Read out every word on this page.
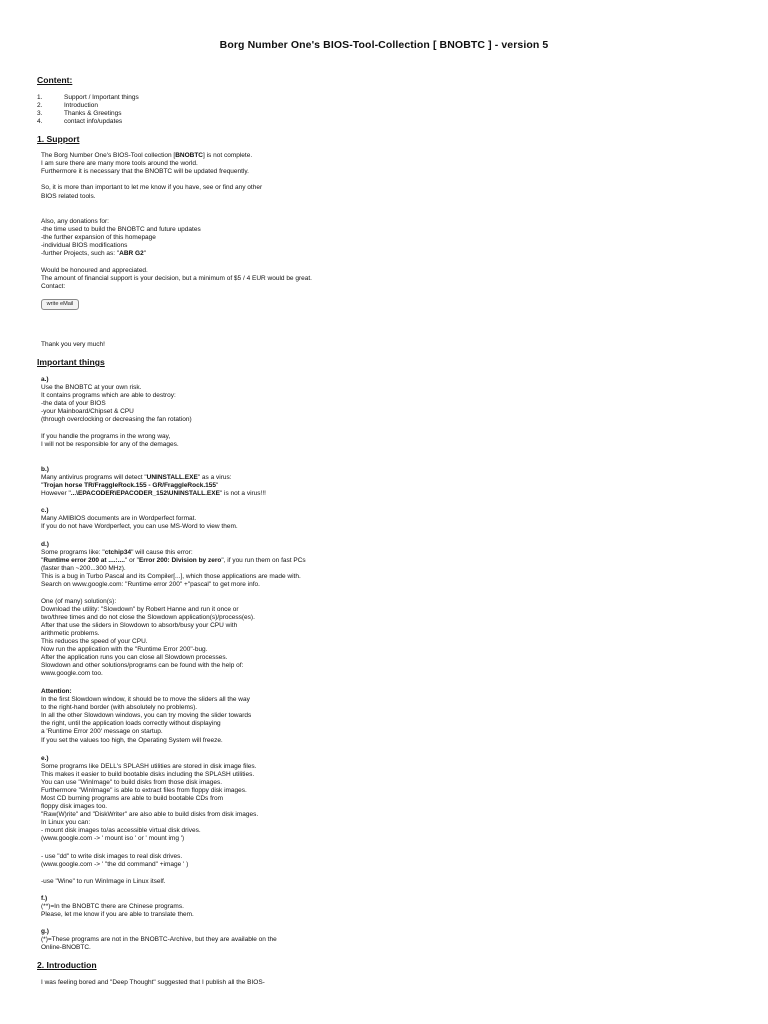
Borg Number One's BIOS-Tool-Collection [ BNOBTC ] - version 5
Content:
1.	Support / Important things
2.	Introduction
3.	Thanks & Greetings
4.	contact info/updates
1. Support
The Borg Number One's BIOS-Tool collection [BNOBTC] is not complete.
I am sure there are many more tools around the world.
Furthermore it is necessary that the BNOBTC will be updated frequently.
So, it is more than important to let me know if you have, see or find any other
BIOS related tools.
Also, any donations for:
-the time used to build the BNOBTC and future updates
-the further expansion of this homepage
-individual BIOS modifications
-further Projects, such as: "ABR G2"
Would be honoured and appreciated.
The amount of financial support is your decision, but a minimum of $5 / 4 EUR would be great.
Contact:
write eMail
Thank you very much!
Important things
a.)
Use the BNOBTC at your own risk.
It contains programs which are able to destroy:
-the data of your BIOS
-your Mainboard/Chipset & CPU
(through overclocking or decreasing the fan rotation)
If you handle the programs in the wrong way,
I will not be responsible for any of the demages.
b.)
Many antivirus programs will detect "UNINSTALL.EXE" as a virus:
"Trojan horse TR/FraggleRock.155 - GR/FraggleRock.155"
However "...\EPACODER\EPACODER_152\UNINSTALL.EXE" is not a virus!!!
c.)
Many AMIBIOS documents are in Wordperfect format.
If you do not have Wordperfect, you can use MS-Word to view them.
d.)
Some programs like: "ctchip34" will cause this error:
"Runtime error 200 at ....:...." or "Error 200: Division by zero", if you run them on fast PCs
(faster than ~200...300 MHz).
This is a bug in Turbo Pascal and its Compiler[...], which those applications are made with.
Search on www.google.com: "Runtime error 200" +"pascal" to get more info.
One (of many) solution(s):
Download the utility: "Slowdown" by Robert Hanne and run it once or
two/three times and do not close the Slowdown application(s)/process(es).
After that use the sliders in Slowdown to absorb/busy your CPU with
arithmetic problems.
This reduces the speed of your CPU.
Now run the application with the "Runtime Error 200"-bug.
After the application runs you can close all Slowdown processes.
Slowdown and other solutions/programs can be found with the help of:
www.google.com too.
Attention:
In the first Slowdown window, it should be to move the sliders all the way
to the right-hand border (with absolutely no problems).
In all the other Slowdown windows, you can try moving the slider towards
the right, until the application loads correctly without displaying
a 'Runtime Error 200' message on startup.
If you set the values too high, the Operating System will freeze.
e.)
Some programs like DELL's SPLASH utilities are stored in disk image files.
This makes it easier to build bootable disks including the SPLASH utilities.
You can use "WinImage" to build disks from those disk images.
Furthermore "WinImage" is able to extract files from floppy disk images.
Most CD burning programs are able to build bootable CDs from
floppy disk images too.
"Raw(W)rite" and "DiskWriter" are also able to build disks from disk images.
In Linux you can:
- mount disk images to/as accessible virtual disk drives.
(www.google.com -> ' mount iso ' or ' mount img ')
- use "dd" to write disk images to real disk drives.
(www.google.com -> ' "the dd command" +image ' )
-use "Wine" to run WinImage in Linux itself.
f.)
(**)=In the BNOBTC there are Chinese programs.
Please, let me know if you are able to translate them.
g.)
(*)=These programs are not in the BNOBTC-Archive, but they are available on the
Online-BNOBTC.
2. Introduction
I was feeling bored and "Deep Thought" suggested that I publish all the BIOS-
